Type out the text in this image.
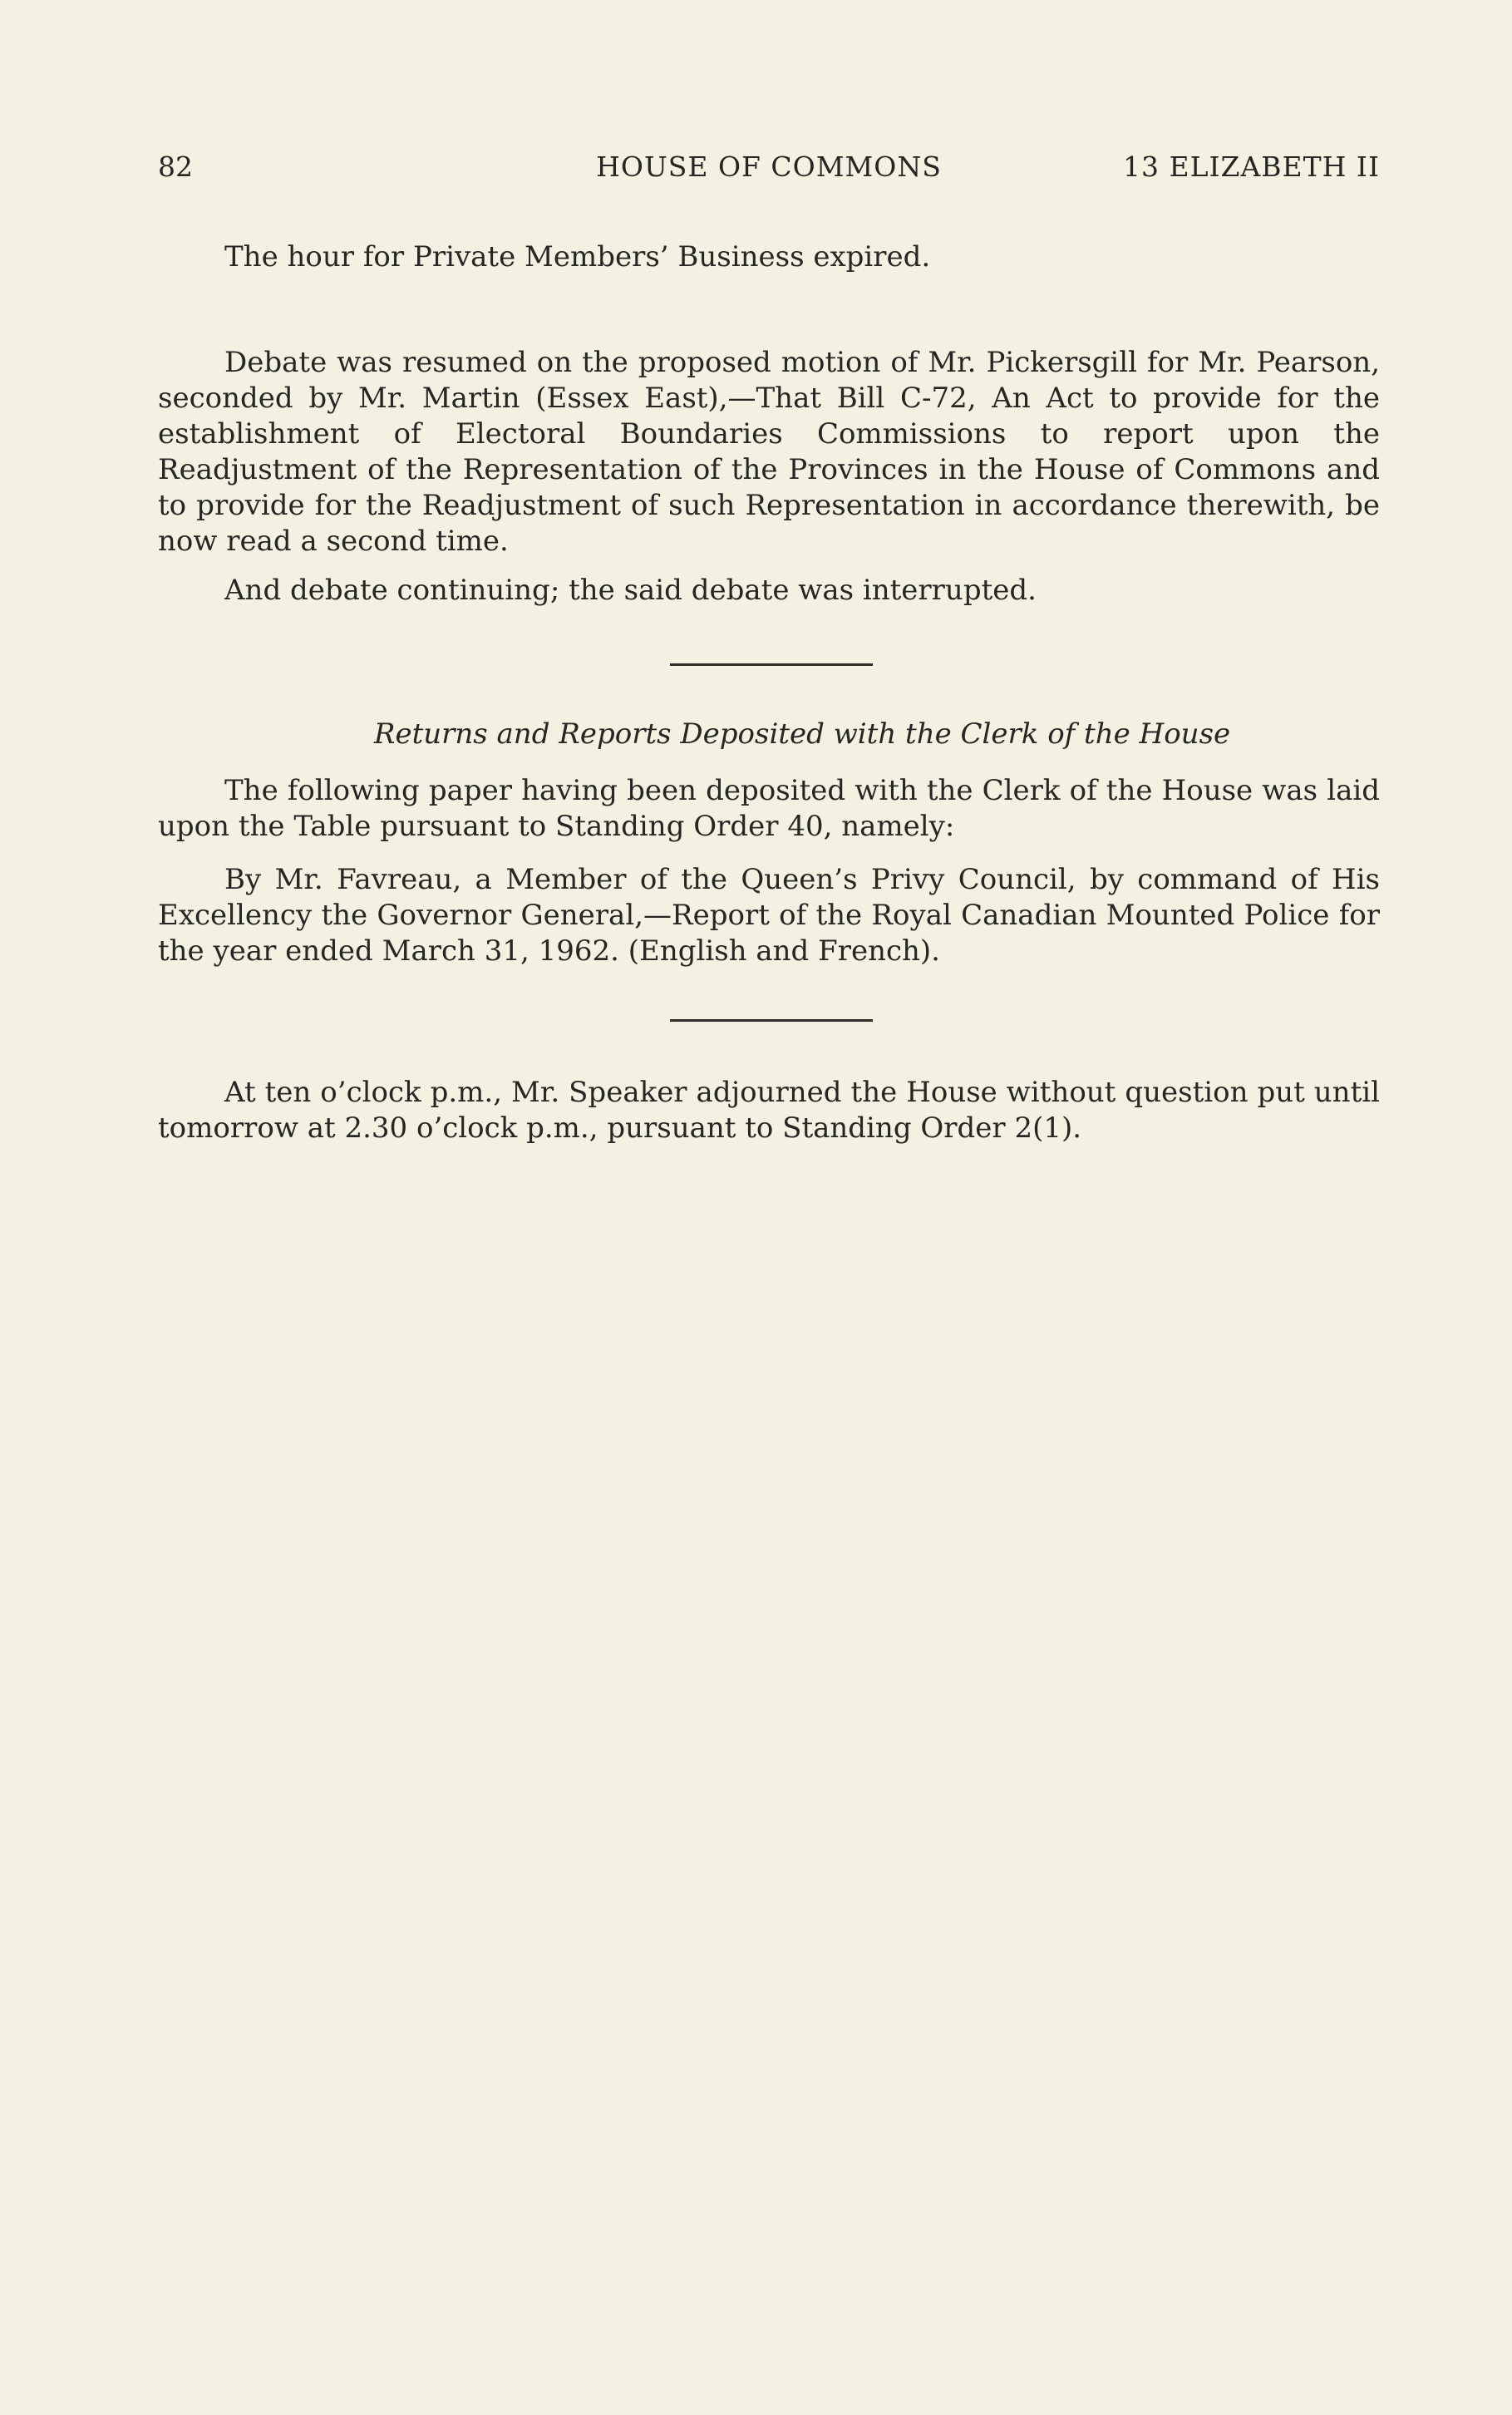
82	HOUSE OF COMMONS	13 ELIZABETH II

The hour for Private Members’ Business expired.

Debate was resumed on the proposed motion of Mr. Pickersgill for Mr. Pearson, seconded by Mr. Martin (Essex East),—That Bill C-72, An Act to provide for the establishment of Electoral Boundaries Commissions to report upon the Readjustment of the Representation of the Provinces in the House of Commons and to provide for the Readjustment of such Representation in accordance therewith, be now read a second time.

And debate continuing; the said debate was interrupted.

Returns and Reports Deposited with the Clerk of the House

The following paper having been deposited with the Clerk of the House was laid upon the Table pursuant to Standing Order 40, namely:

By Mr. Favreau, a Member of the Queen’s Privy Council, by command of His Excellency the Governor General,—Report of the Royal Canadian Mounted Police for the year ended March 31, 1962. (English and French).

At ten o’clock p.m., Mr. Speaker adjourned the House without question put until tomorrow at 2.30 o’clock p.m., pursuant to Standing Order 2(1).
